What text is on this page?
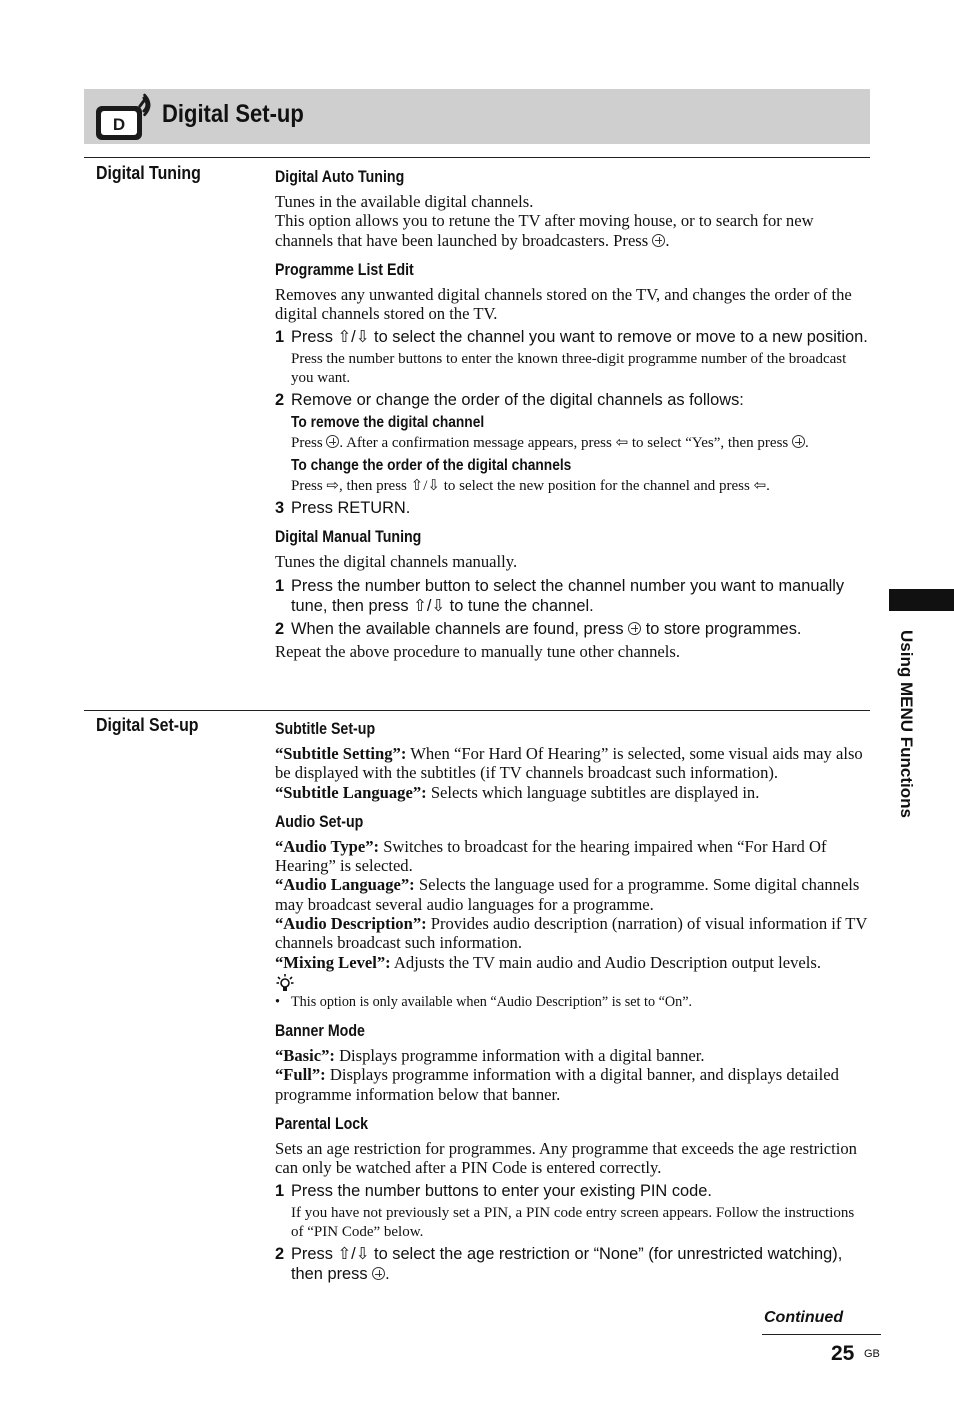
D Digital Set-up
Digital Tuning	Digital Auto Tuning
Tunes in the available digital channels.
This option allows you to retune the TV after moving house, or to search for new channels that have been launched by broadcasters. Press .
Programme List Edit
Removes any unwanted digital channels stored on the TV, and changes the order of the digital channels stored on the TV.
1 Press ⇧/⇩ to select the channel you want to remove or move to a new position.
Press the number buttons to enter the known three-digit programme number of the broadcast you want.
2 Remove or change the order of the digital channels as follows:
To remove the digital channel
Press . After a confirmation message appears, press ⇦ to select “Yes”, then press .
To change the order of the digital channels
Press ⇨, then press ⇧/⇩ to select the new position for the channel and press ⇦.
3 Press RETURN.
Digital Manual Tuning
Tunes the digital channels manually.
1 Press the number button to select the channel number you want to manually tune, then press ⇧/⇩ to tune the channel.
2 When the available channels are found, press to store programmes.
Repeat the above procedure to manually tune other channels.
Digital Set-up	Subtitle Set-up
“Subtitle Setting”: When “For Hard Of Hearing” is selected, some visual aids may also be displayed with the subtitles (if TV channels broadcast such information).
“Subtitle Language”: Selects which language subtitles are displayed in.
Audio Set-up
“Audio Type”: Switches to broadcast for the hearing impaired when “For Hard Of Hearing” is selected.
“Audio Language”: Selects the language used for a programme. Some digital channels may broadcast several audio languages for a programme.
“Audio Description”: Provides audio description (narration) of visual information if TV channels broadcast such information.
“Mixing Level”: Adjusts the TV main audio and Audio Description output levels.
• This option is only available when “Audio Description” is set to “On”.
Banner Mode
“Basic”: Displays programme information with a digital banner.
“Full”: Displays programme information with a digital banner, and displays detailed programme information below that banner.
Parental Lock
Sets an age restriction for programmes. Any programme that exceeds the age restriction can only be watched after a PIN Code is entered correctly.
1 Press the number buttons to enter your existing PIN code.
If you have not previously set a PIN, a PIN code entry screen appears. Follow the instructions of “PIN Code” below.
2 Press ⇧/⇩ to select the age restriction or “None” (for unrestricted watching), then press .
Using MENU Functions
Continued
25 GB
